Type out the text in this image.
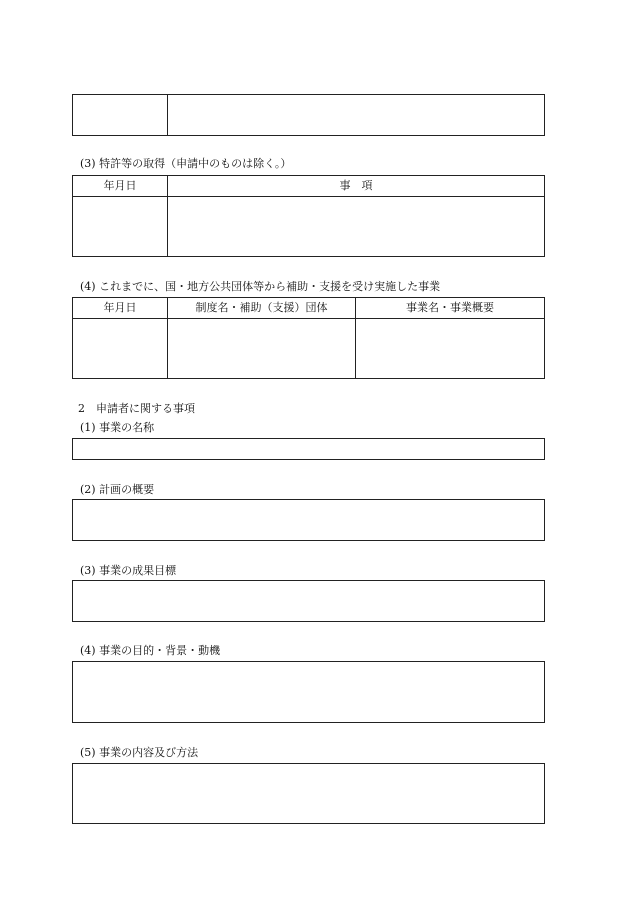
(3) 特許等の取得（申請中のものは除く。）
年月日	事　項
(4) これまでに、国・地方公共団体等から補助・支援を受け実施した事業
年月日	制度名・補助（支援）団体	事業名・事業概要
2　申請者に関する事項
(1) 事業の名称
(2) 計画の概要
(3) 事業の成果目標
(4) 事業の目的・背景・動機
(5) 事業の内容及び方法
